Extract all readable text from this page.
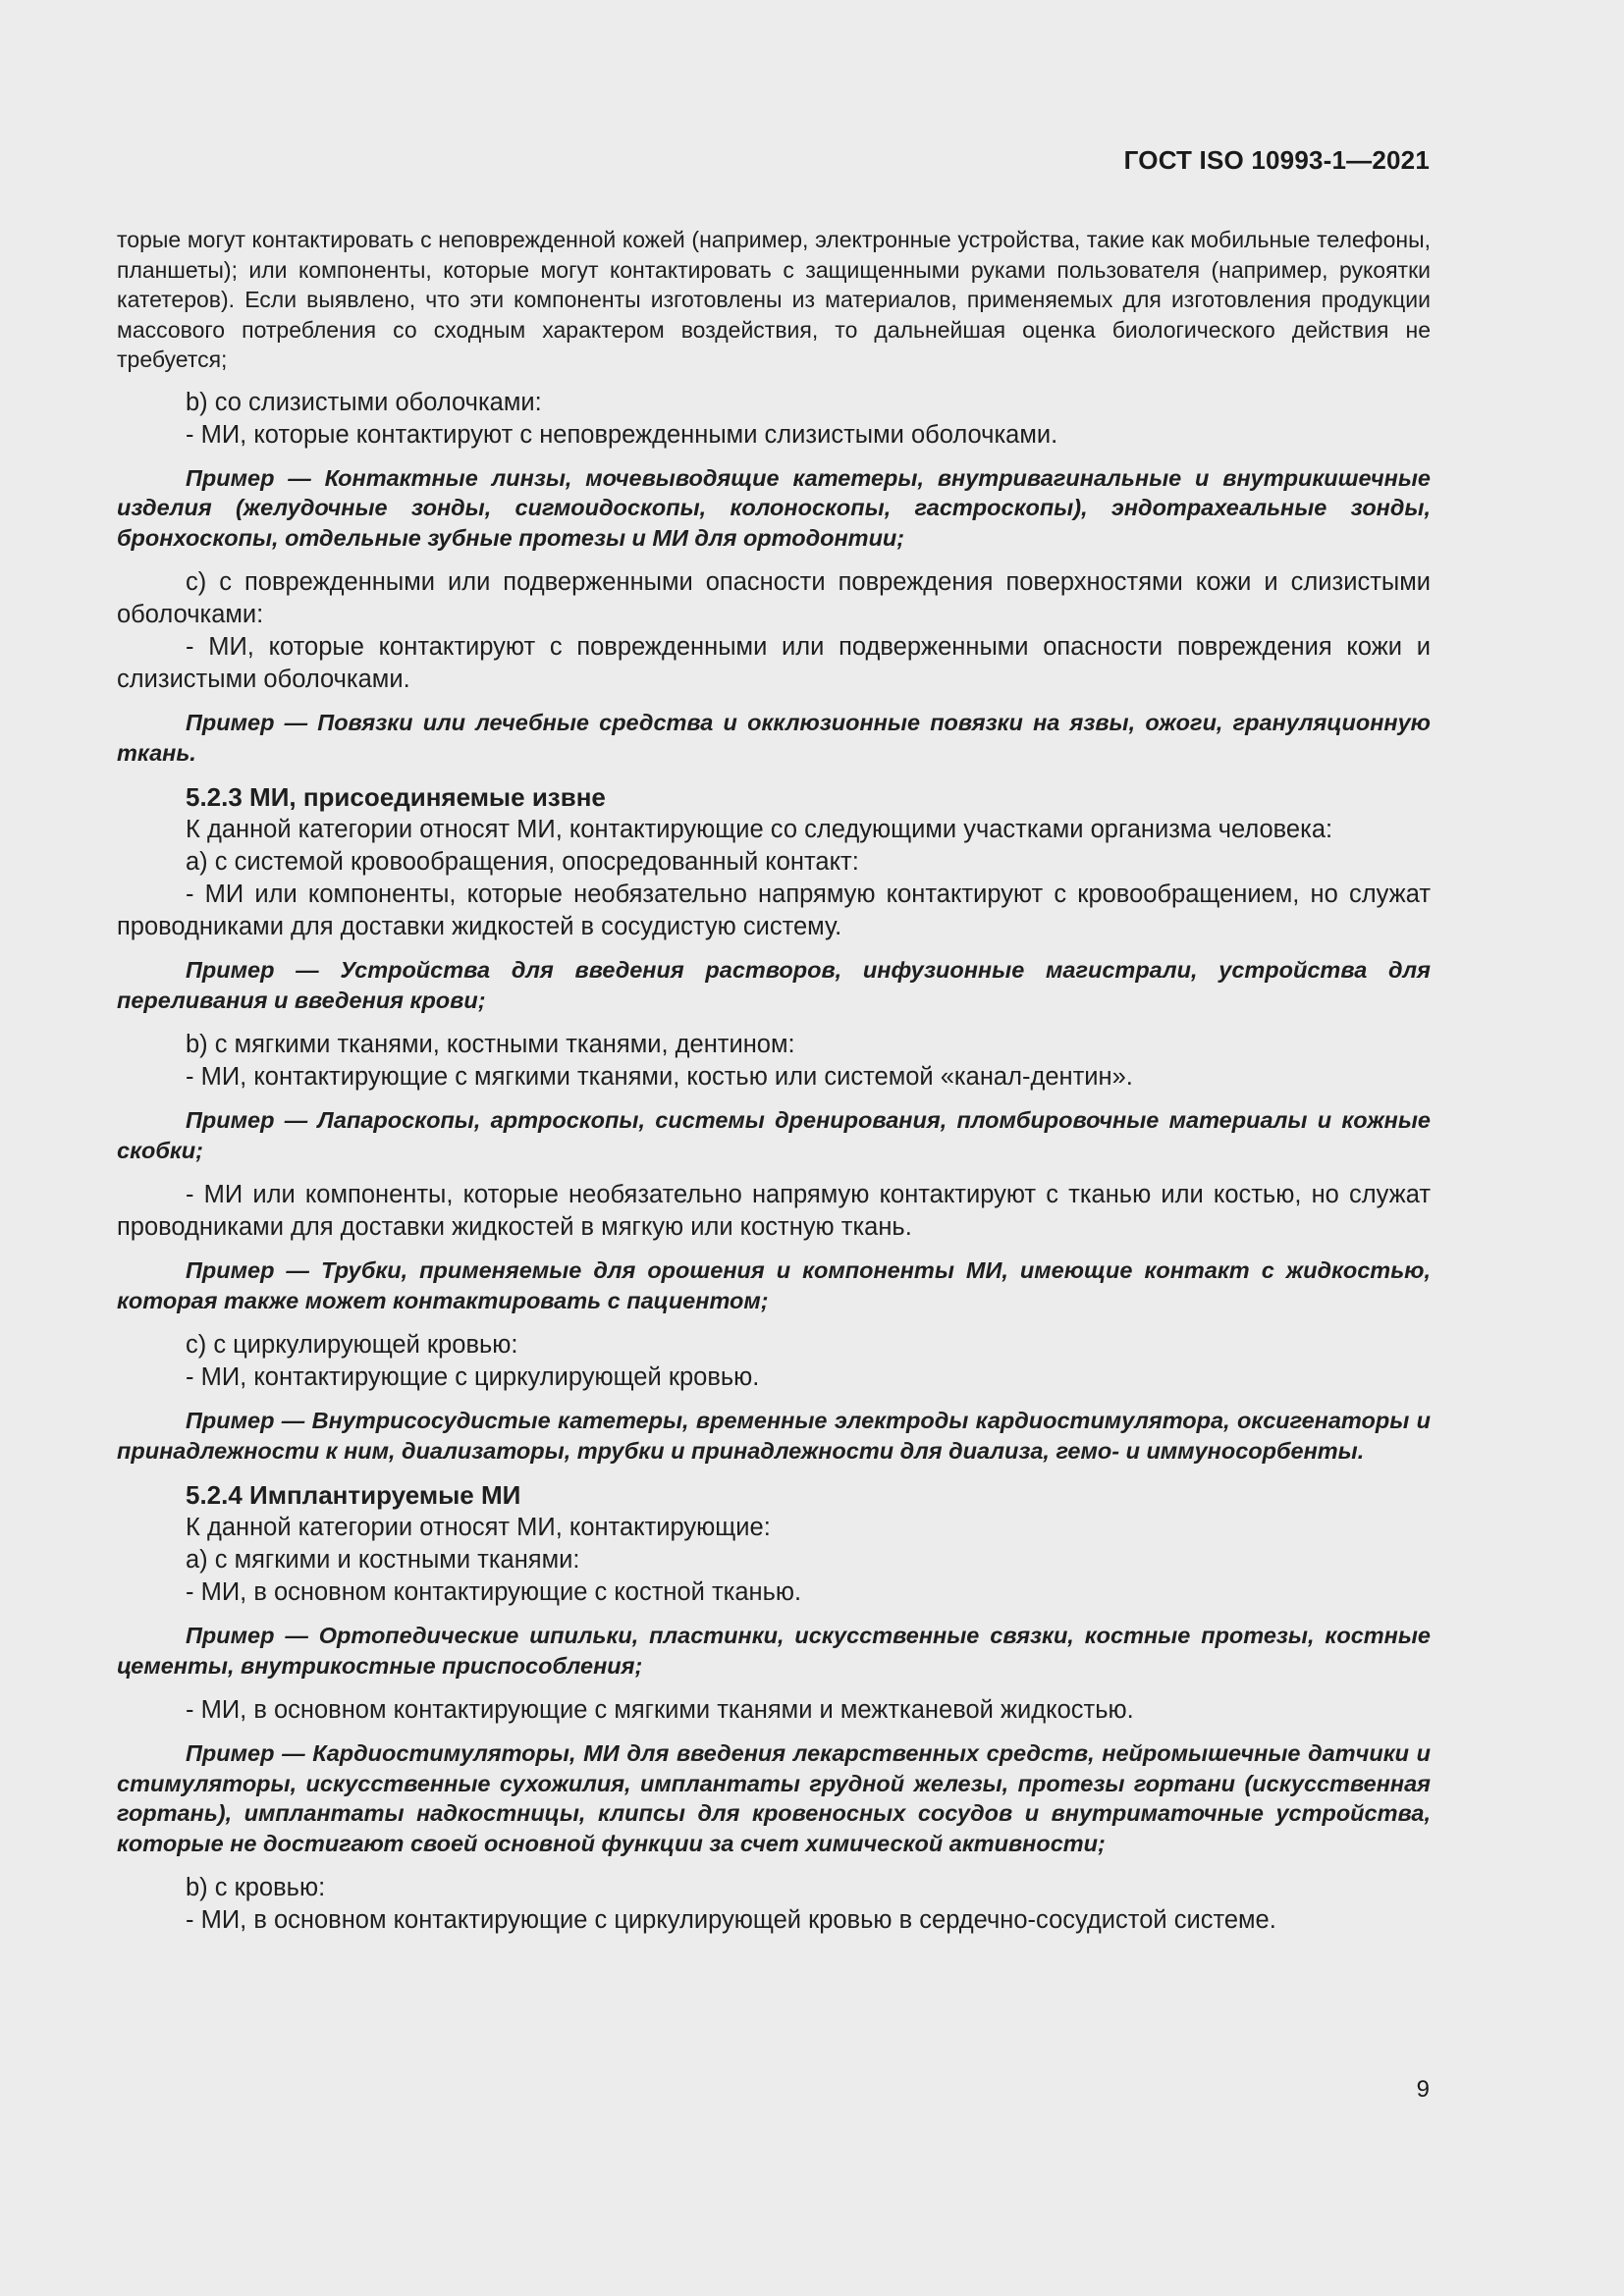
ГОСТ ISO 10993-1—2021

торые могут контактировать с неповрежденной кожей (например, электронные устройства, такие как мобильные телефоны, планшеты); или компоненты, которые могут контактировать с защищенными руками пользователя (например, рукоятки катетеров). Если выявлено, что эти компоненты изготовлены из материалов, применяемых для изготовления продукции массового потребления со сходным характером воздействия, то дальнейшая оценка биологического действия не требуется;

b) со слизистыми оболочками:

- МИ, которые контактируют с неповрежденными слизистыми оболочками.

Пример — Контактные линзы, мочевыводящие катетеры, внутривагинальные и внутрикишечные изделия (желудочные зонды, сигмоидоскопы, колоноскопы, гастроскопы), эндотрахеальные зонды, бронхоскопы, отдельные зубные протезы и МИ для ортодонтии;

c) с поврежденными или подверженными опасности повреждения поверхностями кожи и слизистыми оболочками:

- МИ, которые контактируют с поврежденными или подверженными опасности повреждения кожи и слизистыми оболочками.

Пример — Повязки или лечебные средства и окклюзионные повязки на язвы, ожоги, грануляционную ткань.

5.2.3 МИ, присоединяемые извне

К данной категории относят МИ, контактирующие со следующими участками организма человека:

а) с системой кровообращения, опосредованный контакт:

- МИ или компоненты, которые необязательно напрямую контактируют с кровообращением, но служат проводниками для доставки жидкостей в сосудистую систему.

Пример — Устройства для введения растворов, инфузионные магистрали, устройства для переливания и введения крови;

b) с мягкими тканями, костными тканями, дентином:

- МИ, контактирующие с мягкими тканями, костью или системой «канал-дентин».

Пример — Лапароскопы, артроскопы, системы дренирования, пломбировочные материалы и кожные скобки;

- МИ или компоненты, которые необязательно напрямую контактируют с тканью или костью, но служат проводниками для доставки жидкостей в мягкую или костную ткань.

Пример — Трубки, применяемые для орошения и компоненты МИ, имеющие контакт с жидкостью, которая также может контактировать с пациентом;

c) с циркулирующей кровью:

- МИ, контактирующие с циркулирующей кровью.

Пример — Внутрисосудистые катетеры, временные электроды кардиостимулятора, оксигенаторы и принадлежности к ним, диализаторы, трубки и принадлежности для диализа, гемо- и иммуносорбенты.

5.2.4 Имплантируемые МИ

К данной категории относят МИ, контактирующие:

а) с мягкими и костными тканями:

- МИ, в основном контактирующие с костной тканью.

Пример — Ортопедические шпильки, пластинки, искусственные связки, костные протезы, костные цементы, внутрикостные приспособления;

- МИ, в основном контактирующие с мягкими тканями и межтканевой жидкостью.

Пример — Кардиостимуляторы, МИ для введения лекарственных средств, нейромышечные датчики и стимуляторы, искусственные сухожилия, имплантаты грудной железы, протезы гортани (искусственная гортань), имплантаты надкостницы, клипсы для кровеносных сосудов и внутриматочные устройства, которые не достигают своей основной функции за счет химической активности;

b) с кровью:

- МИ, в основном контактирующие с циркулирующей кровью в сердечно-сосудистой системе.

9
